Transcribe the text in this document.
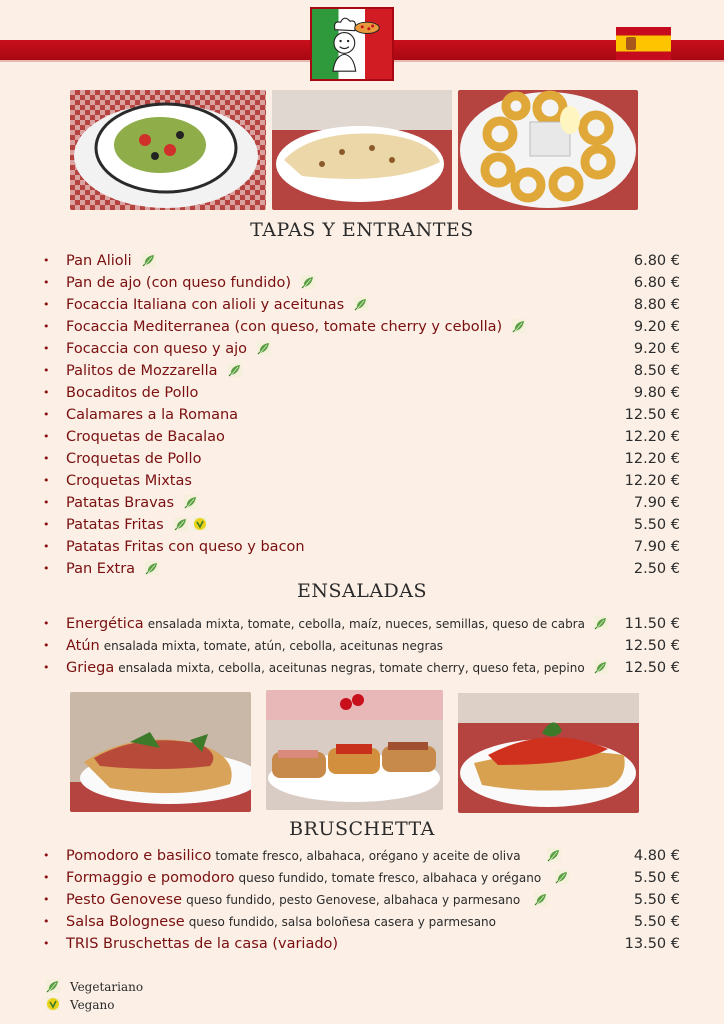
TAPAS Y ENTRANTES
• Pan Alioli	6.80 €
• Pan de ajo (con queso fundido)	6.80 €
• Focaccia Italiana con alioli y aceitunas	8.80 €
• Focaccia Mediterranea (con queso, tomate cherry y cebolla)	9.20 €
• Focaccia con queso y ajo	9.20 €
• Palitos de Mozzarella	8.50 €
• Bocaditos de Pollo	9.80 €
• Calamares a la Romana	12.50 €
• Croquetas de Bacalao	12.20 €
• Croquetas de Pollo	12.20 €
• Croquetas Mixtas	12.20 €
• Patatas Bravas	7.90 €
• Patatas Fritas	5.50 €
• Patatas Fritas con queso y bacon	7.90 €
• Pan Extra	2.50 €
ENSALADAS
• Energética ensalada mixta, tomate, cebolla, maíz, nueces, semillas, queso de cabra	11.50 €
• Atún ensalada mixta, tomate, atún, cebolla, aceitunas negras	12.50 €
• Griega ensalada mixta, cebolla, aceitunas negras, tomate cherry, queso feta, pepino	12.50 €
BRUSCHETTA
• Pomodoro e basilico tomate fresco, albahaca, orégano y aceite de oliva	4.80 €
• Formaggio e pomodoro queso fundido, tomate fresco, albahaca y orégano	5.50 €
• Pesto Genovese queso fundido, pesto Genovese, albahaca y parmesano	5.50 €
• Salsa Bolognese queso fundido, salsa boloñesa casera y parmesano	5.50 €
• TRIS Bruschettas de la casa (variado)	13.50 €
Vegetariano
Vegano
